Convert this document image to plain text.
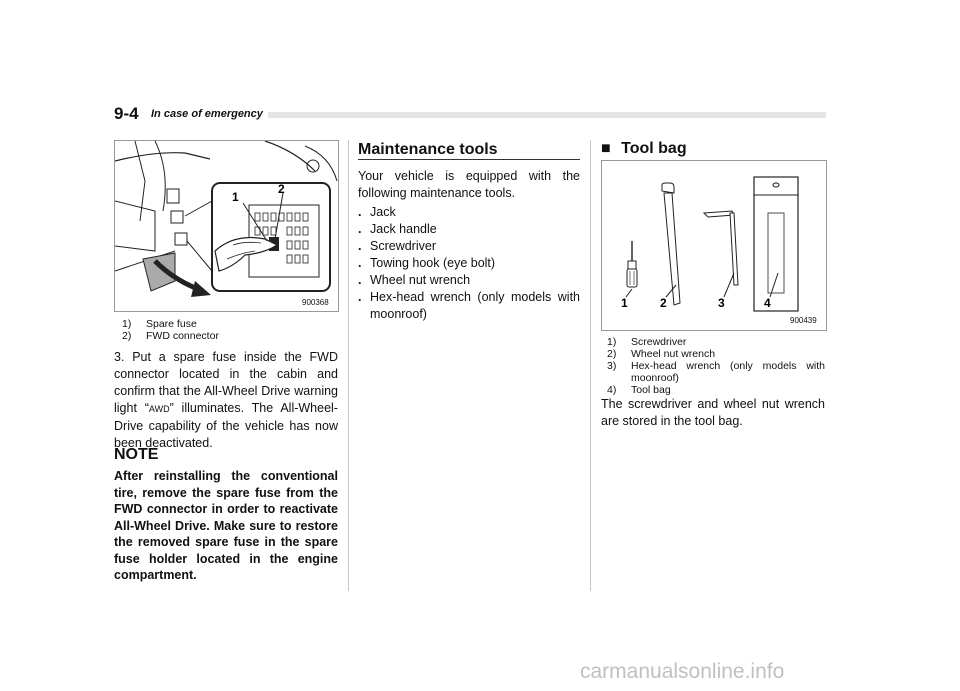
9-4 In case of emergency
1
2
900368
1)	Spare fuse
2)	FWD connector
3. Put a spare fuse inside the FWD connector located in the cabin and confirm that the All-Wheel Drive warning light “AWD” illuminates. The All-Wheel-Drive capability of the vehicle has now been deactivated.
NOTE
After reinstalling the conventional tire, remove the spare fuse from the FWD connector in order to reactivate All-Wheel Drive. Make sure to restore the removed spare fuse in the spare fuse holder located in the engine compartment.
Maintenance tools
Your vehicle is equipped with the following maintenance tools.
. Jack
. Jack handle
. Screwdriver
. Towing hook (eye bolt)
. Wheel nut wrench
. Hex-head wrench (only models with moonroof)
■ Tool bag
1	2	3	4
900439
1)	Screwdriver
2)	Wheel nut wrench
3)	Hex-head wrench (only models with moonroof)
4)	Tool bag
The screwdriver and wheel nut wrench are stored in the tool bag.
carmanualsonline.info
